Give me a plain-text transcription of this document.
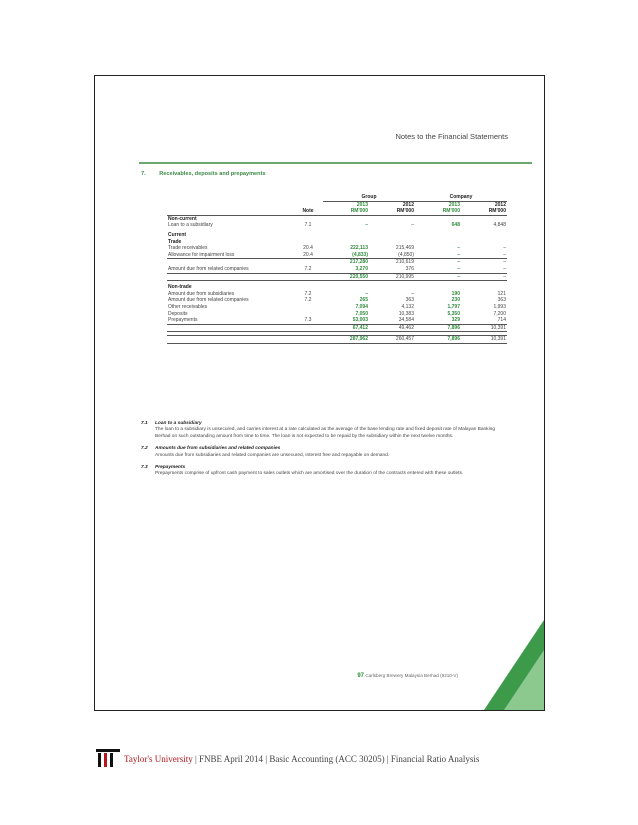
Notes to the Financial Statements
7. Receivables, deposits and prepayments
		Group		Company	
		2013	2012	2013	2012
	Note	RM'000	RM'000	RM'000	RM'000
Non-current					
Loan to a subsidiary	7.1	–	–	648	4,848

Current					
Trade					
Trade receivables	20.4	222,113	215,469	–	–
Allowance for impairment loss	20.4	(4,833)	(4,850)	–	–
		217,280	210,619	–	–
Amount due from related companies	7.2	3,270	376	–	–
		220,550	210,995	–	–

Non-trade					
Amount due from subsidiaries	7.2	–	–	190	121
Amount due from related companies	7.2	265	363	230	363
Other receivables		7,094	4,132	1,797	1,993
Deposits		7,050	10,383	5,350	7,200
Prepayments	7.3	53,003	34,584	329	714
		67,412	49,462	7,896	10,391

		287,962	260,457	7,896	10,391
7.1 Loan to a subsidiary
The loan to a subsidiary is unsecured, and carries interest at a rate calculated as the average of the base lending rate and fixed deposit rate of Malayan Banking Berhad on such outstanding amount from time to time. The loan is not expected to be repaid by the subsidiary within the next twelve months.
7.2 Amounts due from subsidiaries and related companies
Amounts due from subsidiaries and related companies are unsecured, interest free and repayable on demand.
7.3 Prepayments
Prepayments comprise of upfront cash payment to sales outlets which are amortised over the duration of the contracts entered with these outlets.
97 Carlsberg Brewery Malaysia Berhad (9210-V)
Taylor's University | FNBE April 2014 | Basic Accounting (ACC 30205) | Financial Ratio Analysis
